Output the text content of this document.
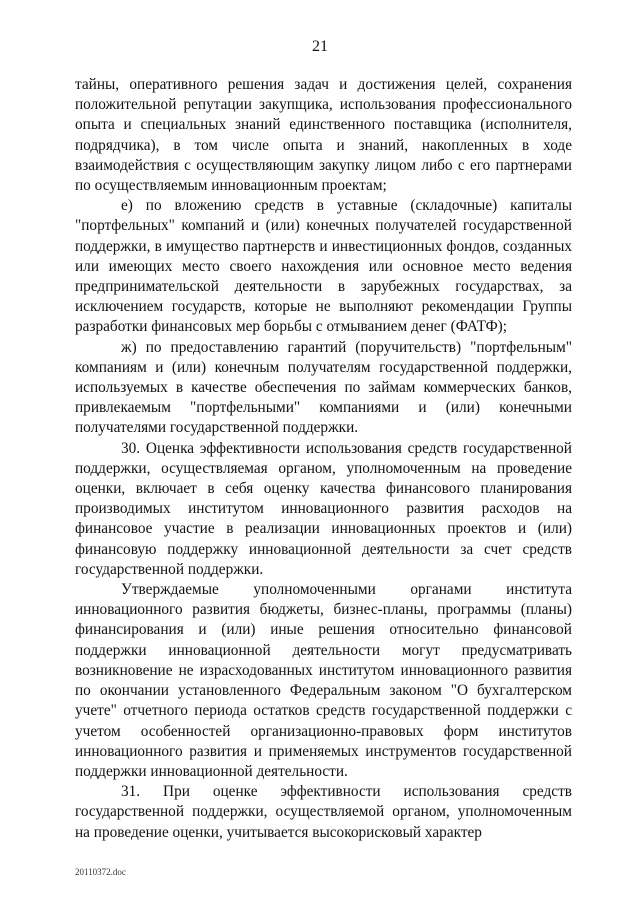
21

тайны, оперативного решения задач и достижения целей, сохранения положительной репутации закупщика, использования профессионального опыта и специальных знаний единственного поставщика (исполнителя, подрядчика), в том числе опыта и знаний, накопленных в ходе взаимодействия с осуществляющим закупку лицом либо с его партнерами по осуществляемым инновационным проектам;

е) по вложению средств в уставные (складочные) капиталы "портфельных" компаний и (или) конечных получателей государственной поддержки, в имущество партнерств и инвестиционных фондов, созданных или имеющих место своего нахождения или основное место ведения предпринимательской деятельности в зарубежных государствах, за исключением государств, которые не выполняют рекомендации Группы разработки финансовых мер борьбы с отмыванием денег (ФАТФ);

ж) по предоставлению гарантий (поручительств) "портфельным" компаниям и (или) конечным получателям государственной поддержки, используемых в качестве обеспечения по займам коммерческих банков, привлекаемым "портфельными" компаниями и (или) конечными получателями государственной поддержки.

30. Оценка эффективности использования средств государственной поддержки, осуществляемая органом, уполномоченным на проведение оценки, включает в себя оценку качества финансового планирования производимых институтом инновационного развития расходов на финансовое участие в реализации инновационных проектов и (или) финансовую поддержку инновационной деятельности за счет средств государственной поддержки.

Утверждаемые уполномоченными органами института инновационного развития бюджеты, бизнес-планы, программы (планы) финансирования и (или) иные решения относительно финансовой поддержки инновационной деятельности могут предусматривать возникновение не израсходованных институтом инновационного развития по окончании установленного Федеральным законом "О бухгалтерском учете" отчетного периода остатков средств государственной поддержки с учетом особенностей организационно-правовых форм институтов инновационного развития и применяемых инструментов государственной поддержки инновационной деятельности.

31. При оценке эффективности использования средств государственной поддержки, осуществляемой органом, уполномоченным на проведение оценки, учитывается высокорисковый характер

20110372.doc
